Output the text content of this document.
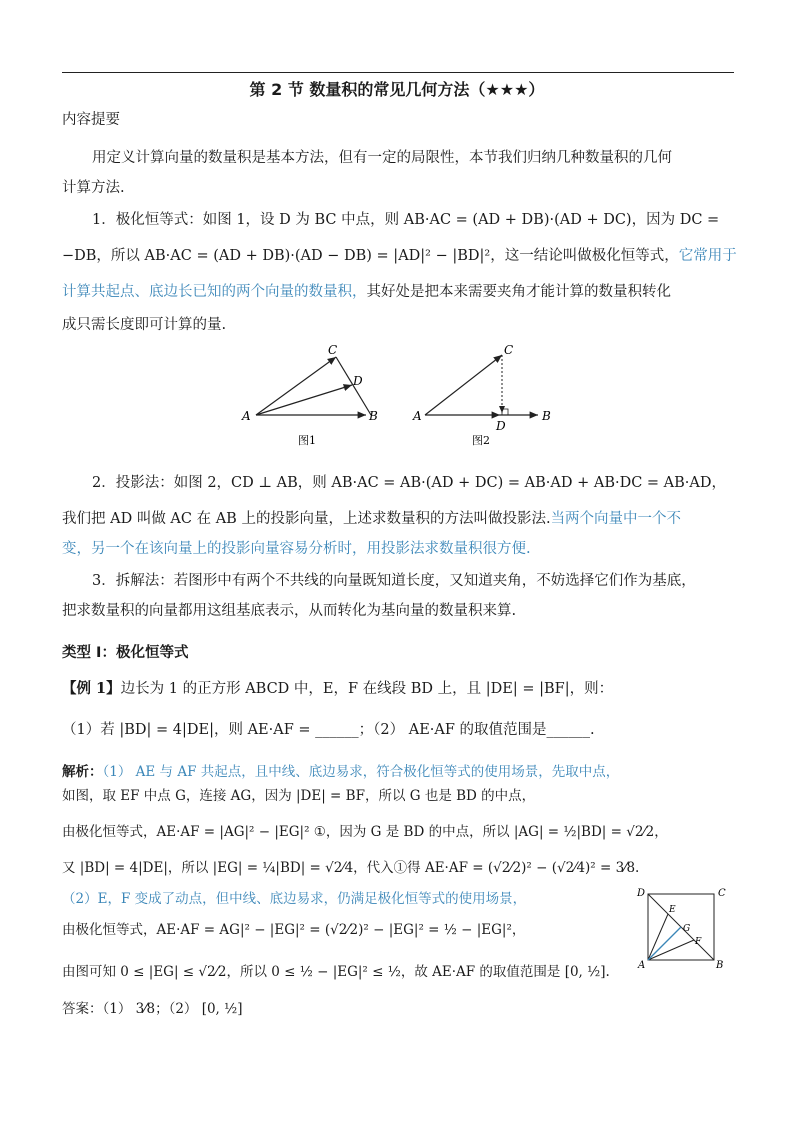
第 2 节 数量积的常见几何方法（★★★）
内容提要
用定义计算向量的数量积是基本方法，但有一定的局限性，本节我们归纳几种数量积的几何
计算方法.
1．极化恒等式：如图 1，设 D 为 BC 中点，则 AB·AC = (AD + DB)·(AD + DC)，因为 DC =
−DB，所以 AB·AC = (AD + DB)·(AD − DB) = |AD|² − |BD|²，这一结论叫做极化恒等式，它常用于
计算共起点、底边长已知的两个向量的数量积，其好处是把本来需要夹角才能计算的数量积转化
成只需长度即可计算的量.
A	B
C
D
图1
A	B
C
D
图2
2．投影法：如图 2，CD ⊥ AB，则 AB·AC = AB·(AD + DC) = AB·AD + AB·DC = AB·AD，
我们把 AD 叫做 AC 在 AB 上的投影向量，上述求数量积的方法叫做投影法.当两个向量中一个不
变，另一个在该向量上的投影向量容易分析时，用投影法求数量积很方便.
3．拆解法：若图形中有两个不共线的向量既知道长度，又知道夹角，不妨选择它们作为基底，
把求数量积的向量都用这组基底表示，从而转化为基向量的数量积来算.
类型 I：极化恒等式
【例 1】边长为 1 的正方形 ABCD 中，E，F 在线段 BD 上，且 |DE| = |BF|，则：
（1）若 |BD| = 4|DE|，则 AE·AF = ______；（2） AE·AF 的取值范围是______.
解析：（1） AE 与 AF 共起点，且中线、底边易求，符合极化恒等式的使用场景，先取中点，
如图，取 EF 中点 G，连接 AG，因为 |DE| = BF，所以 G 也是 BD 的中点，
由极化恒等式，AE·AF = |AG|² − |EG|² ①，因为 G 是 BD 的中点，所以 |AG| = ½|BD| = √2⁄2，
又 |BD| = 4|DE|，所以 |EG| = ¼|BD| = √2⁄4，代入①得 AE·AF = (√2⁄2)² − (√2⁄4)² = 3⁄8.
（2）E，F 变成了动点，但中线、底边易求，仍满足极化恒等式的使用场景，
由极化恒等式，AE·AF = AG|² − |EG|² = (√2⁄2)² − |EG|² = ½ − |EG|²，
由图可知 0 ≤ |EG| ≤ √2⁄2，所以 0 ≤ ½ − |EG|² ≤ ½，故 AE·AF 的取值范围是 [0, ½].
答案：（1） 3⁄8；（2） [0, ½]
D	C
A	B
E
G
F
